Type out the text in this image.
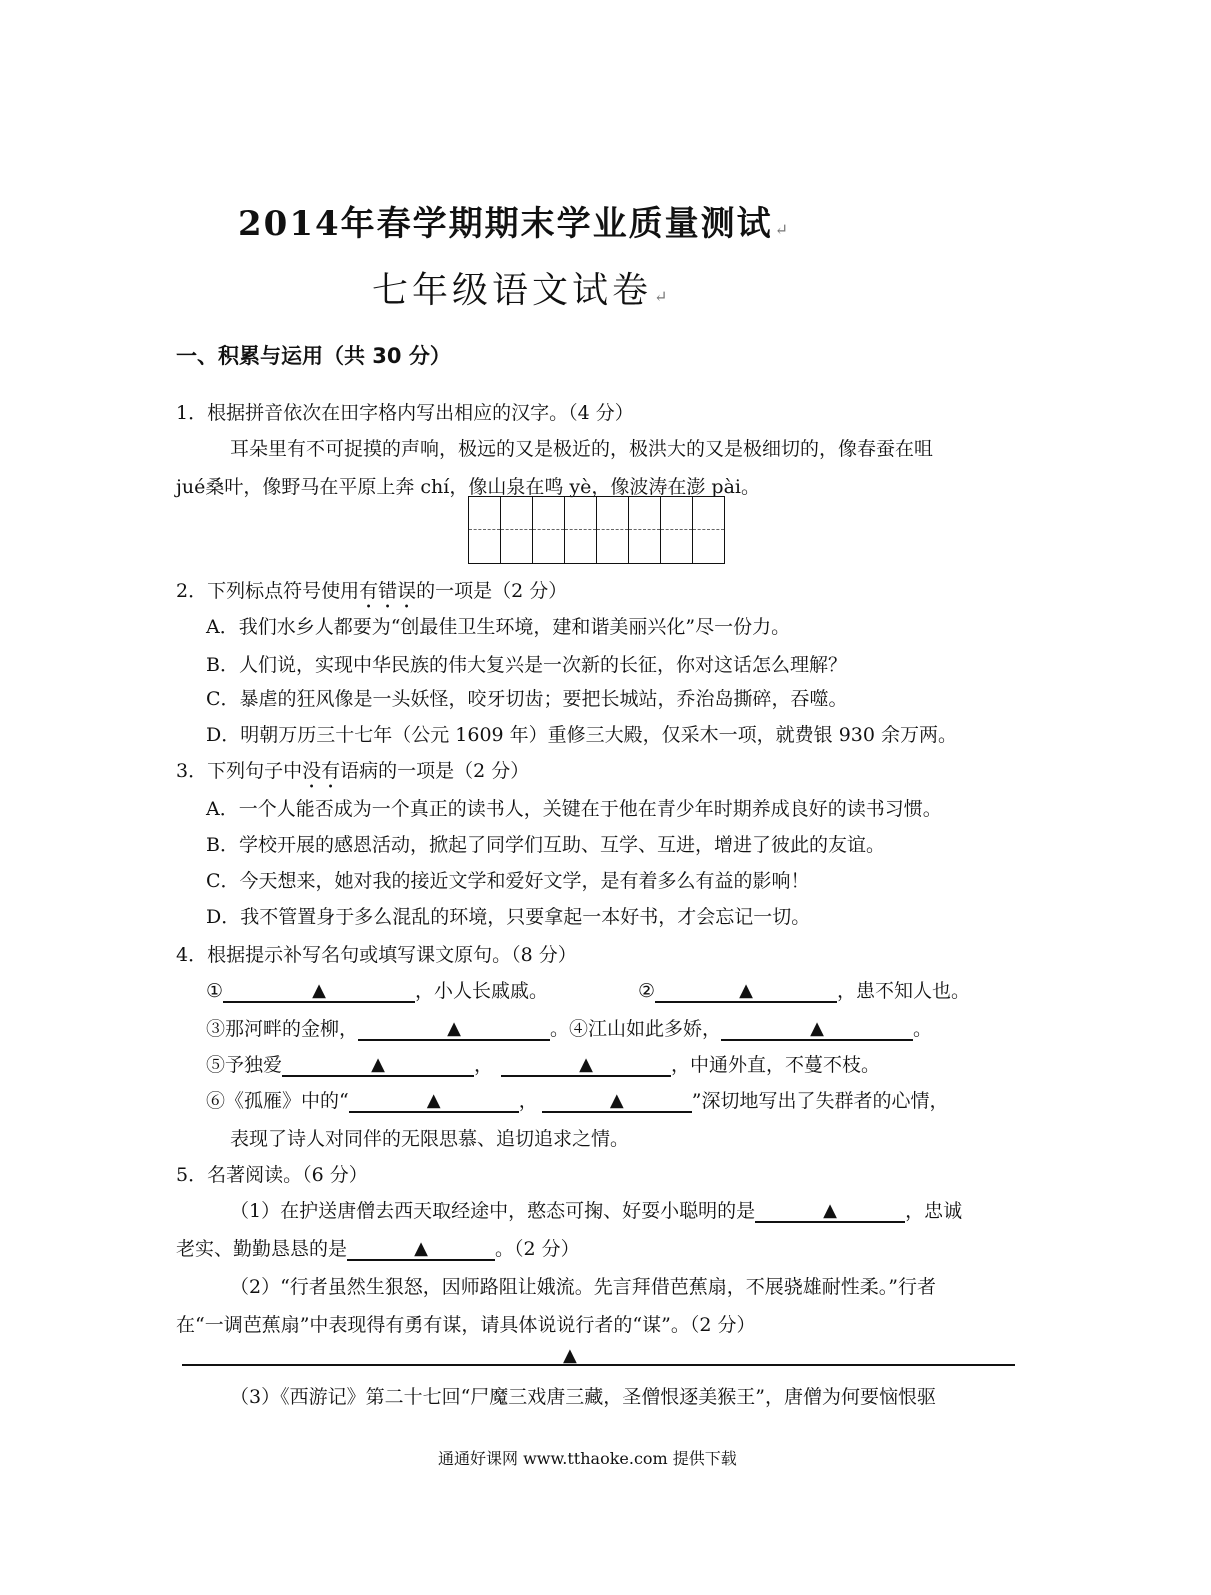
2014年春学期期末学业质量测试 ↵
七年级语文试卷 ↵
一、积累与运用（共 30 分）
1．根据拼音依次在田字格内写出相应的汉字。（4 分）
耳朵里有不可捉摸的声响，极远的又是极近的，极洪大的又是极细切的，像春蚕在咀
jué桑叶，像野马在平原上奔 chí，像山泉在鸣 yè，像波涛在澎 pài。
2．下列标点符号使用有错误的一项是（2 分）
A．我们水乡人都要为“创最佳卫生环境，建和谐美丽兴化”尽一份力。
B．人们说，实现中华民族的伟大复兴是一次新的长征，你对这话怎么理解？
C．暴虐的狂风像是一头妖怪，咬牙切齿；要把长城站，乔治岛撕碎，吞噬。
D．明朝万历三十七年（公元 1609 年）重修三大殿，仅采木一项，就费银 930 余万两。
3．下列句子中没有语病的一项是（2 分）
A．一个人能否成为一个真正的读书人，关键在于他在青少年时期养成良好的读书习惯。
B．学校开展的感恩活动，掀起了同学们互助、互学、互进，增进了彼此的友谊。
C．今天想来，她对我的接近文学和爱好文学，是有着多么有益的影响！
D．我不管置身于多么混乱的环境，只要拿起一本好书，才会忘记一切。
4．根据提示补写名句或填写课文原句。（8 分）
①	▲	，小人长戚戚。	②	▲	，患不知人也。
③那河畔的金柳，	▲	。④江山如此多娇，	▲	。
⑤予独爱	▲	，	▲	，中通外直，不蔓不枝。
⑥《孤雁》中的“	▲	，	▲	”深切地写出了失群者的心情，
表现了诗人对同伴的无限思慕、追切追求之情。
5．名著阅读。（6 分）
（1）在护送唐僧去西天取经途中，憨态可掬、好耍小聪明的是	▲	，忠诚
老实、勤勤恳恳的是	▲	。（2 分）
（2）“行者虽然生狠怒，因师路阻让娥流。先言拜借芭蕉扇，不展骁雄耐性柔。”行者
在“一调芭蕉扇”中表现得有勇有谋，请具体说说行者的“谋”。（2 分）
▲
（3）《西游记》第二十七回“尸魔三戏唐三藏，圣僧恨逐美猴王”，唐僧为何要恼恨驱
通通好课网 www.tthaoke.com 提供下载
